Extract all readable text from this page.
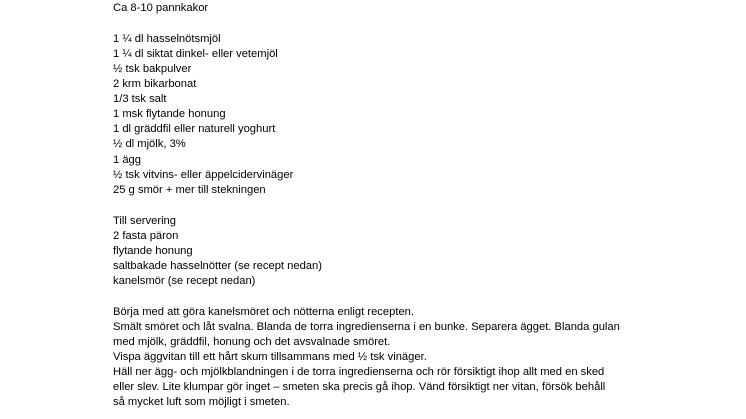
Ca 8-10 pannkakor
1 ¼ dl hasselnötsmjöl
1 ¼ dl siktat dinkel- eller vetemjöl
½ tsk bakpulver
2 krm bikarbonat
1/3 tsk salt
1 msk flytande honung
1 dl gräddfil eller naturell yoghurt
½ dl mjölk, 3%
1 ägg
½ tsk vitvins- eller äppelcidervinäger
25 g smör + mer till stekningen
Till servering
2 fasta päron
flytande honung
saltbakade hasselnötter (se recept nedan)
kanelsmör (se recept nedan)
Börja med att göra kanelsmöret och nötterna enligt recepten.
Smält smöret och låt svalna. Blanda de torra ingredienserna i en bunke. Separera ägget. Blanda gulan
med mjölk, gräddfil, honung och det avsvalnade smöret.
Vispa äggvitan till ett hårt skum tillsammans med ½ tsk vinäger.
Häll ner ägg- och mjölkblandningen i de torra ingredienserna och rör försiktigt ihop allt med en sked
eller slev. Lite klumpar gör inget – smeten ska precis gå ihop. Vänd försiktigt ner vitan, försök behåll
så mycket luft som möjligt i smeten.
